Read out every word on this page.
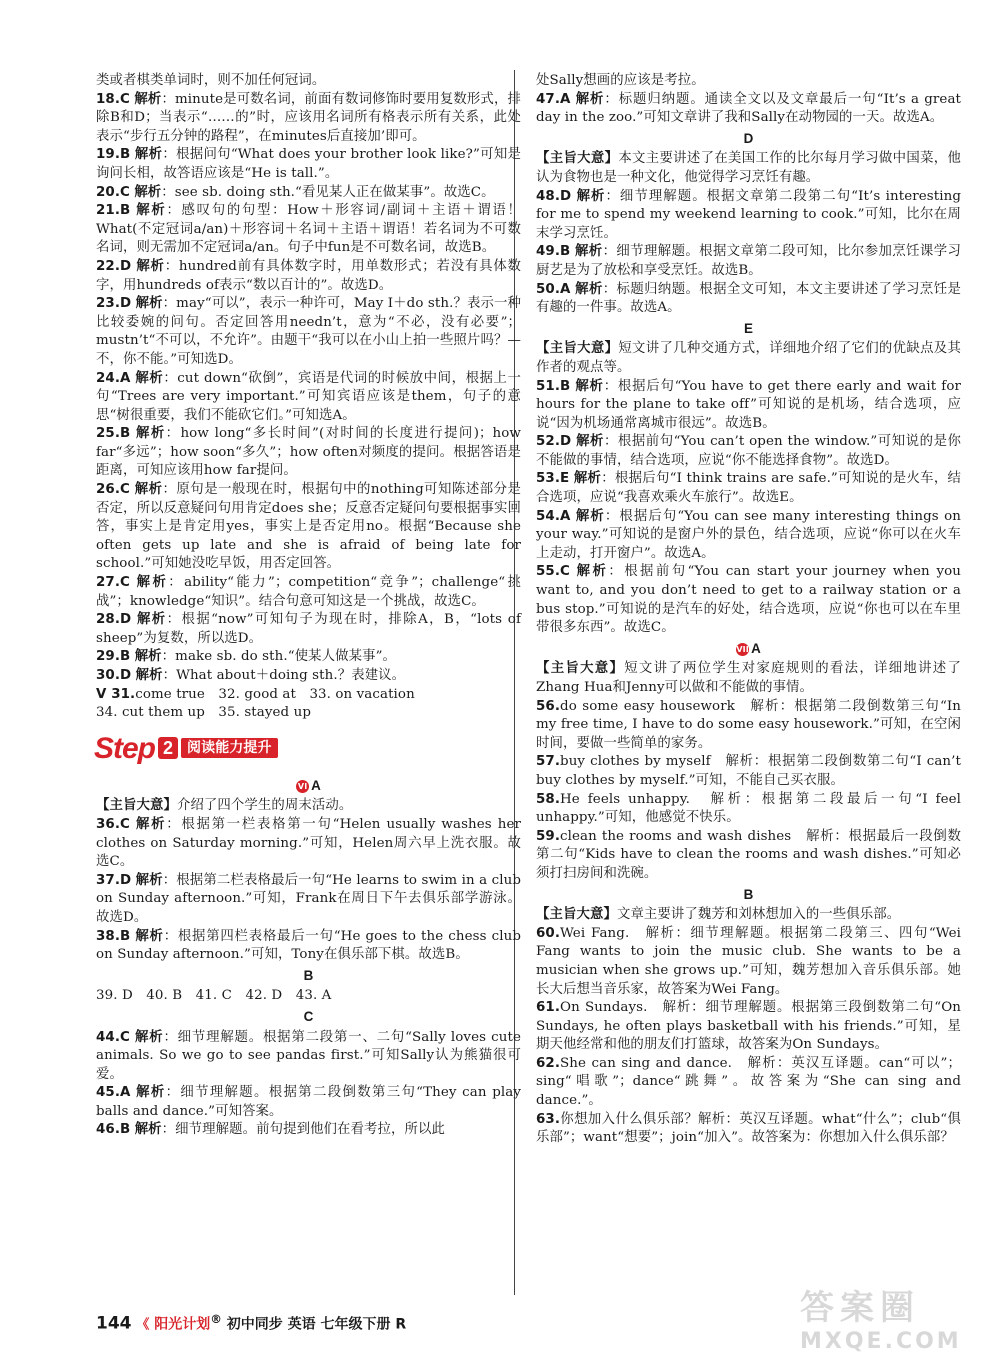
类或者棋类单词时，则不加任何冠词。

18.C 解析：minute是可数名词，前面有数词修饰时要用复数形式，排除B和D；当表示“……的”时，应该用名词所有格表示所有关系，此处表示“步行五分钟的路程”，在minutes后直接加’即可。

19.B 解析：根据问句“What does your brother look like?”可知是询问长相，故答语应该是“He is tall.”。

20.C 解析：see sb. doing sth.“看见某人正在做某事”。故选C。

21.B 解析：感叹句的句型：How＋形容词/副词＋主语＋谓语！What(不定冠词a/an)＋形容词＋名词＋主语＋谓语！若名词为不可数名词，则无需加不定冠词a/an。句子中fun是不可数名词，故选B。

22.D 解析：hundred前有具体数字时，用单数形式；若没有具体数字，用hundreds of表示“数以百计的”。故选D。

23.D 解析：may“可以”，表示一种许可，May I＋do sth.？表示一种比较委婉的问句。否定回答用needn’t，意为“不必，没有必要”；mustn’t“不可以，不允许”。由题干“我可以在小山上拍一些照片吗？—不，你不能。”可知选D。

24.A 解析：cut down“砍倒”，宾语是代词的时候放中间，根据上一句“Trees are very important.”可知宾语应该是them，句子的意思“树很重要，我们不能砍它们。”可知选A。

25.B 解析：how long“多长时间”(对时间的长度进行提问)；how far“多远”；how soon“多久”；how often对频度的提问。根据答语是距离，可知应该用how far提问。

26.C 解析：原句是一般现在时，根据句中的nothing可知陈述部分是否定，所以反意疑问句用肯定does she；反意否定疑问句要根据事实回答，事实上是肯定用yes，事实上是否定用no。根据“Because she often gets up late and she is afraid of being late for school.”可知她没吃早饭，用否定回答。

27.C 解析：ability“能力”；competition“竞争”；challenge“挑战”；knowledge“知识”。结合句意可知这是一个挑战，故选C。

28.D 解析：根据“now”可知句子为现在时，排除A，B，“lots of sheep”为复数，所以选D。

29.B 解析：make sb. do sth.“使某人做某事”。

30.D 解析：What about＋doing sth.？表建议。

V 31.come true　32. good at　33. on vacation

34. cut them up　35. stayed up

Step 2 阅读能力提升
VI A

【主旨大意】介绍了四个学生的周末活动。

36.C 解析：根据第一栏表格第一句“Helen usually washes her clothes on Saturday morning.”可知，Helen周六早上洗衣服。故选C。

37.D 解析：根据第二栏表格最后一句“He learns to swim in a club on Sunday afternoon.”可知，Frank在周日下午去俱乐部学游泳。故选D。

38.B 解析：根据第四栏表格最后一句“He goes to the chess club on Sunday afternoon.”可知，Tony在俱乐部下棋。故选B。

B

39. D　40. B　41. C　42. D　43. A

C

44.C 解析：细节理解题。根据第二段第一、二句“Sally loves cute animals. So we go to see pandas first.”可知Sally认为熊猫很可爱。

45.A 解析：细节理解题。根据第二段倒数第三句“They can play balls and dance.”可知答案。

46.B 解析：细节理解题。前句提到他们在看考拉，所以此

处Sally想画的应该是考拉。

47.A 解析：标题归纳题。通读全文以及文章最后一句“It’s a great day in the zoo.”可知文章讲了我和Sally在动物园的一天。故选A。

D

【主旨大意】本文主要讲述了在美国工作的比尔每月学习做中国菜，他认为食物也是一种文化，他觉得学习烹饪有趣。

48.D 解析：细节理解题。根据文章第二段第二句“It’s interesting for me to spend my weekend learning to cook.”可知，比尔在周末学习烹饪。

49.B 解析：细节理解题。根据文章第二段可知，比尔参加烹饪课学习厨艺是为了放松和享受烹饪。故选B。

50.A 解析：标题归纳题。根据全文可知，本文主要讲述了学习烹饪是有趣的一件事。故选A。

E

【主旨大意】短文讲了几种交通方式，详细地介绍了它们的优缺点及其作者的观点等。

51.B 解析：根据后句“You have to get there early and wait for hours for the plane to take off”可知说的是机场，结合选项，应说“因为机场通常离城市很远”。故选B。

52.D 解析：根据前句“You can’t open the window.”可知说的是你不能做的事情，结合选项，应说“你不能选择食物”。故选D。

53.E 解析：根据后句“I think trains are safe.”可知说的是火车，结合选项，应说“我喜欢乘火车旅行”。故选E。

54.A 解析：根据后句“You can see many interesting things on your way.”可知说的是窗户外的景色，结合选项，应说“你可以在火车上走动，打开窗户”。故选A。

55.C 解析：根据前句“You can start your journey when you want to, and you don’t need to get to a railway station or a bus stop.”可知说的是汽车的好处，结合选项，应说“你也可以在车里带很多东西”。故选C。

VII A

【主旨大意】短文讲了两位学生对家庭规则的看法，详细地讲述了Zhang Hua和Jenny可以做和不能做的事情。

56.do some easy housework　解析：根据第二段倒数第三句“In my free time, I have to do some easy housework.”可知，在空闲时间，要做一些简单的家务。

57.buy clothes by myself　解析：根据第二段倒数第二句“I can’t buy clothes by myself.”可知，不能自己买衣服。

58.He feels unhappy.　解析：根据第二段最后一句“I feel unhappy.”可知，他感觉不快乐。

59.clean the rooms and wash dishes　解析：根据最后一段倒数第二句“Kids have to clean the rooms and wash dishes.”可知必须打扫房间和洗碗。

B

【主旨大意】文章主要讲了魏芳和刘林想加入的一些俱乐部。

60.Wei Fang.　解析：细节理解题。根据第二段第三、四句“Wei Fang wants to join the music club. She wants to be a musician when she grows up.”可知，魏芳想加入音乐俱乐部。她长大后想当音乐家，故答案为Wei Fang。

61.On Sundays.　解析：细节理解题。根据第三段倒数第二句“On Sundays, he often plays basketball with his friends.”可知，星期天他经常和他的朋友们打篮球，故答案为On Sundays。

62.She can sing and dance.　解析：英汉互译题。can“可以”；sing“唱歌”；dance“跳舞”。故答案为“She can sing and dance.”。

63.你想加入什么俱乐部？解析：英汉互译题。what“什么”；club“俱乐部”；want“想要”；join“加入”。故答案为：你想加入什么俱乐部？

144 《 阳光计划® 初中同步 英语 七年级下册 R	答案圈
MXQE.COM
